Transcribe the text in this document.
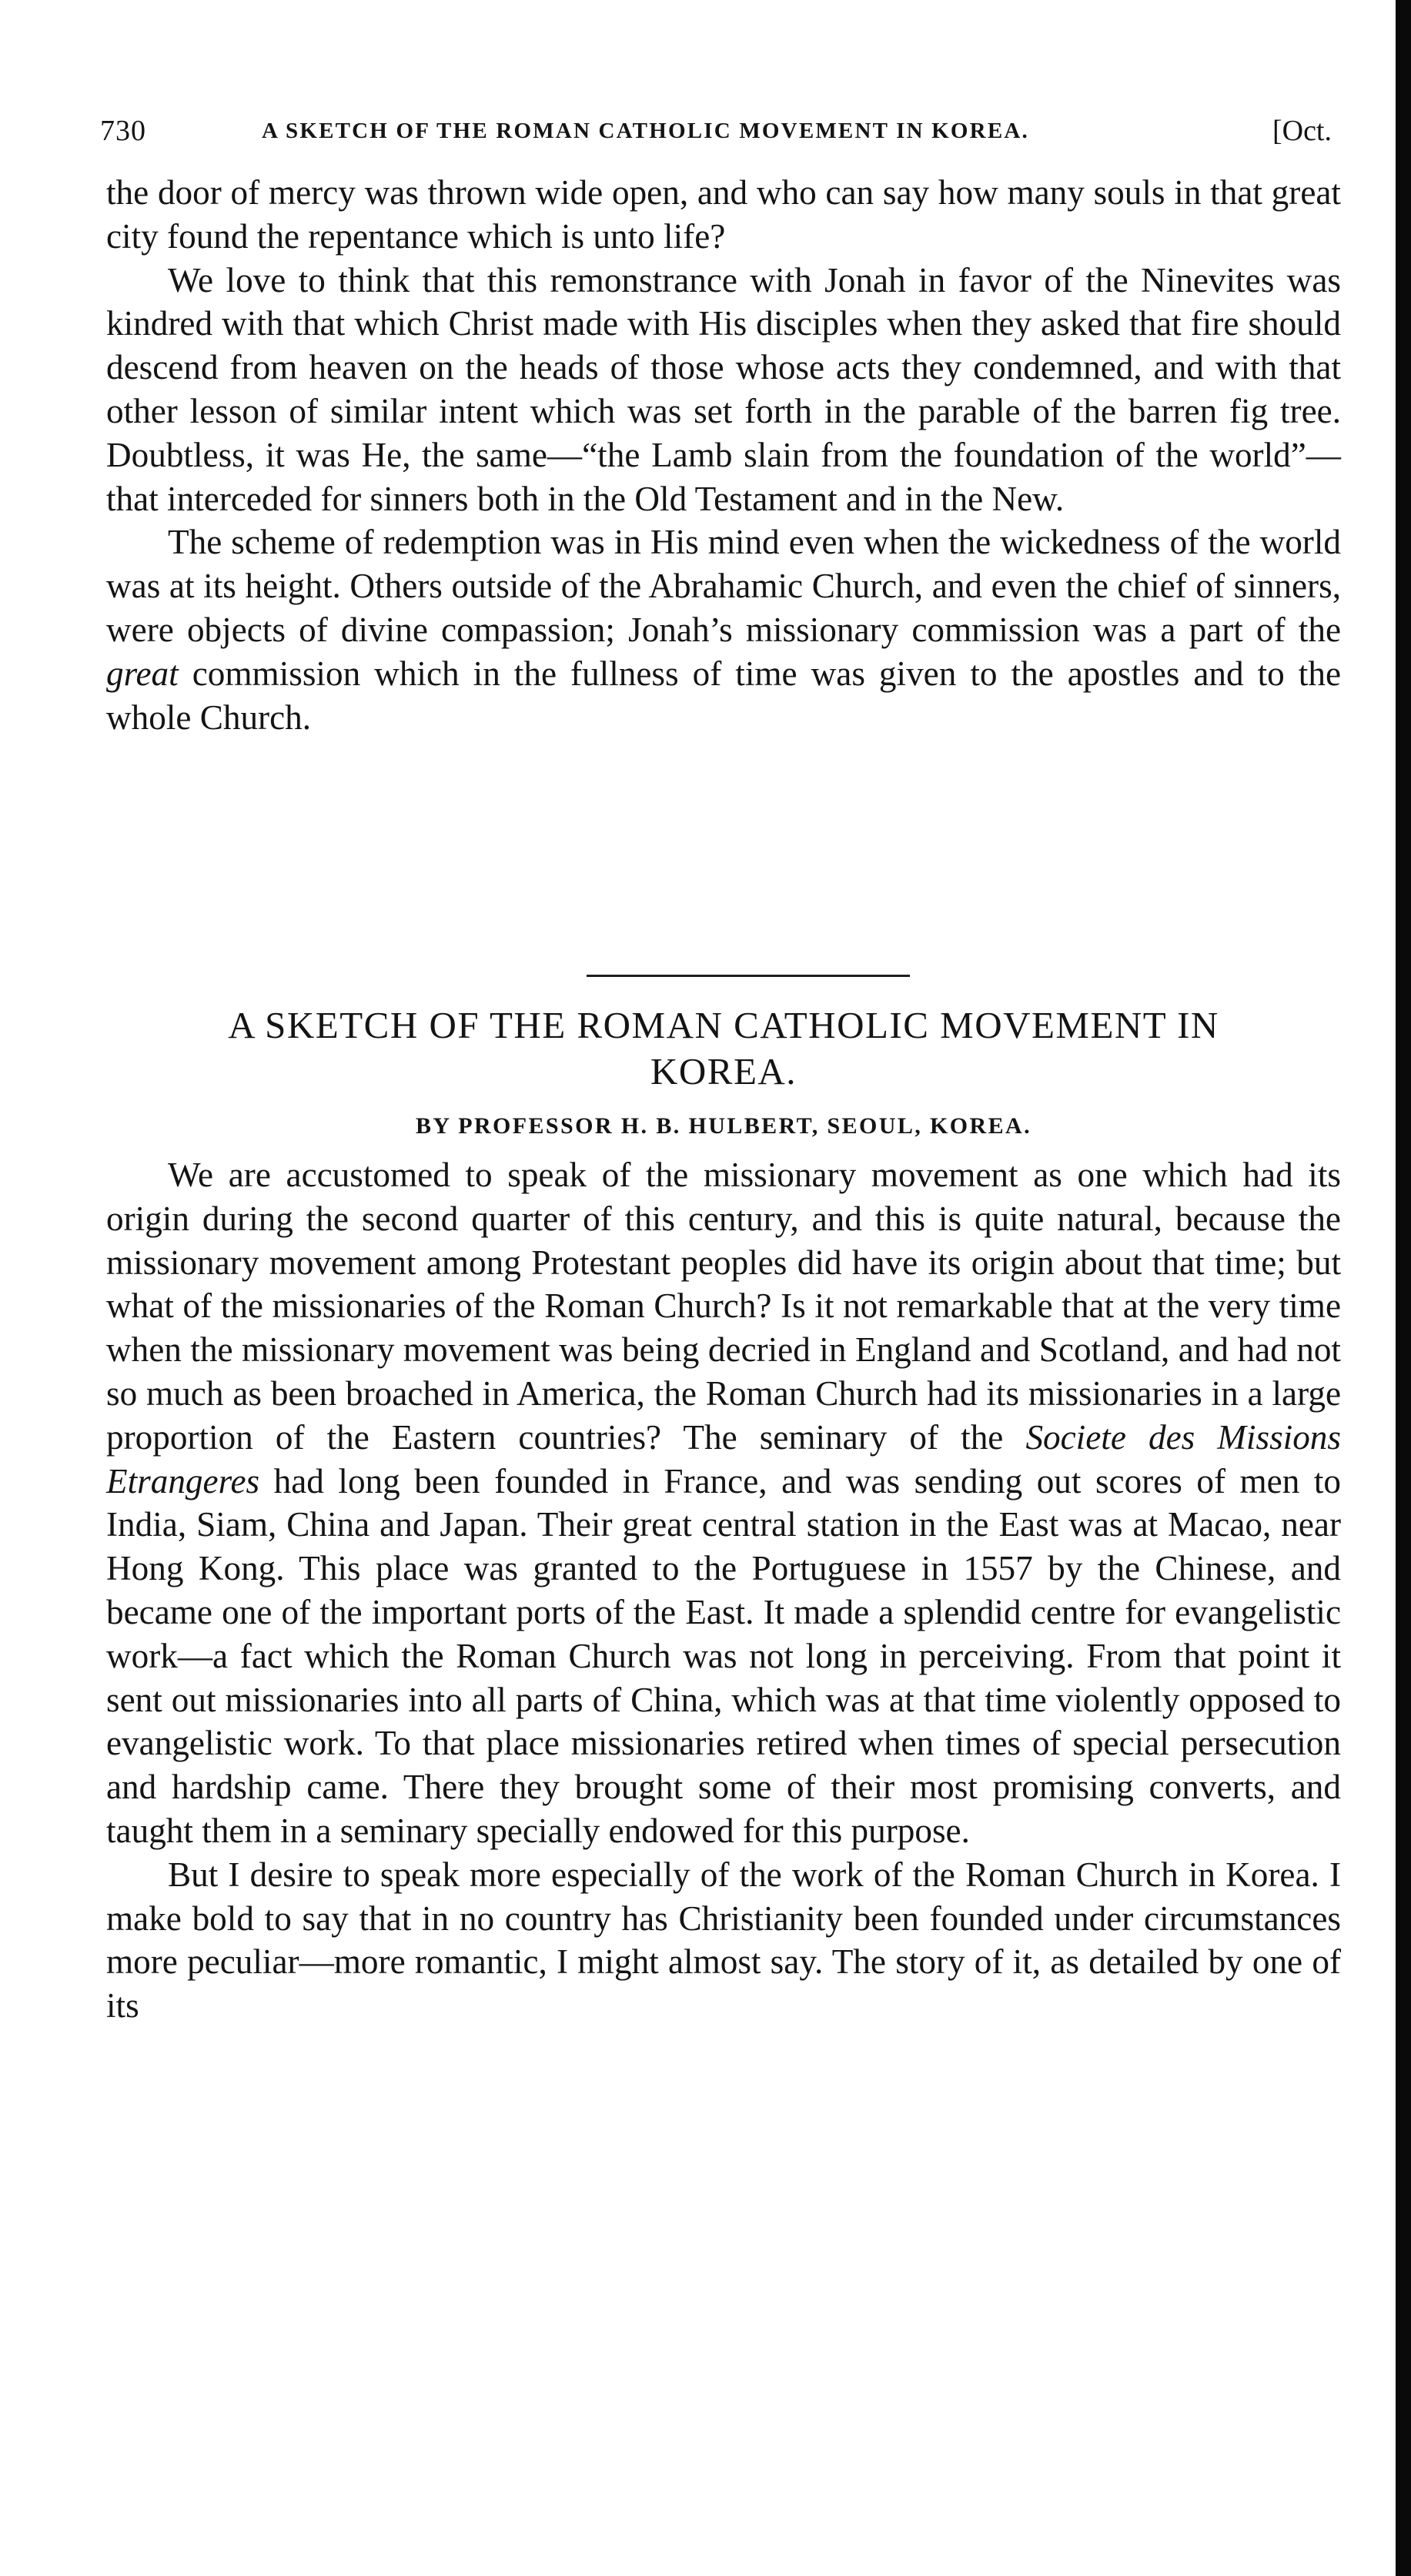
730	A SKETCH OF THE ROMAN CATHOLIC MOVEMENT IN KOREA.	[Oct.

the door of mercy was thrown wide open, and who can say how many souls in that great city found the repentance which is unto life?

We love to think that this remonstrance with Jonah in favor of the Ninevites was kindred with that which Christ made with His disciples when they asked that fire should descend from heaven on the heads of those whose acts they condemned, and with that other lesson of similar intent which was set forth in the parable of the barren fig tree. Doubtless, it was He, the same—“the Lamb slain from the foundation of the world”—that interceded for sinners both in the Old Testament and in the New.

The scheme of redemption was in His mind even when the wickedness of the world was at its height. Others outside of the Abrahamic Church, and even the chief of sinners, were objects of divine compassion; Jonah’s missionary commission was a part of the great commission which in the fullness of time was given to the apostles and to the whole Church.

A SKETCH OF THE ROMAN CATHOLIC MOVEMENT IN
KOREA.
BY PROFESSOR H. B. HULBERT, SEOUL, KOREA.

We are accustomed to speak of the missionary movement as one which had its origin during the second quarter of this century, and this is quite natural, because the missionary movement among Protestant peoples did have its origin about that time; but what of the missionaries of the Roman Church? Is it not remarkable that at the very time when the missionary movement was being decried in England and Scotland, and had not so much as been broached in America, the Roman Church had its missionaries in a large proportion of the Eastern countries? The seminary of the Societe des Missions Etrangeres had long been founded in France, and was sending out scores of men to India, Siam, China and Japan. Their great central station in the East was at Macao, near Hong Kong. This place was granted to the Portuguese in 1557 by the Chinese, and became one of the important ports of the East. It made a splendid centre for evangelistic work—a fact which the Roman Church was not long in perceiving. From that point it sent out missionaries into all parts of China, which was at that time violently opposed to evangelistic work. To that place missionaries retired when times of special persecution and hardship came. There they brought some of their most promising converts, and taught them in a seminary specially endowed for this purpose.

But I desire to speak more especially of the work of the Roman Church in Korea. I make bold to say that in no country has Christianity been founded under circumstances more peculiar—more romantic, I might almost say. The story of it, as detailed by one of its
